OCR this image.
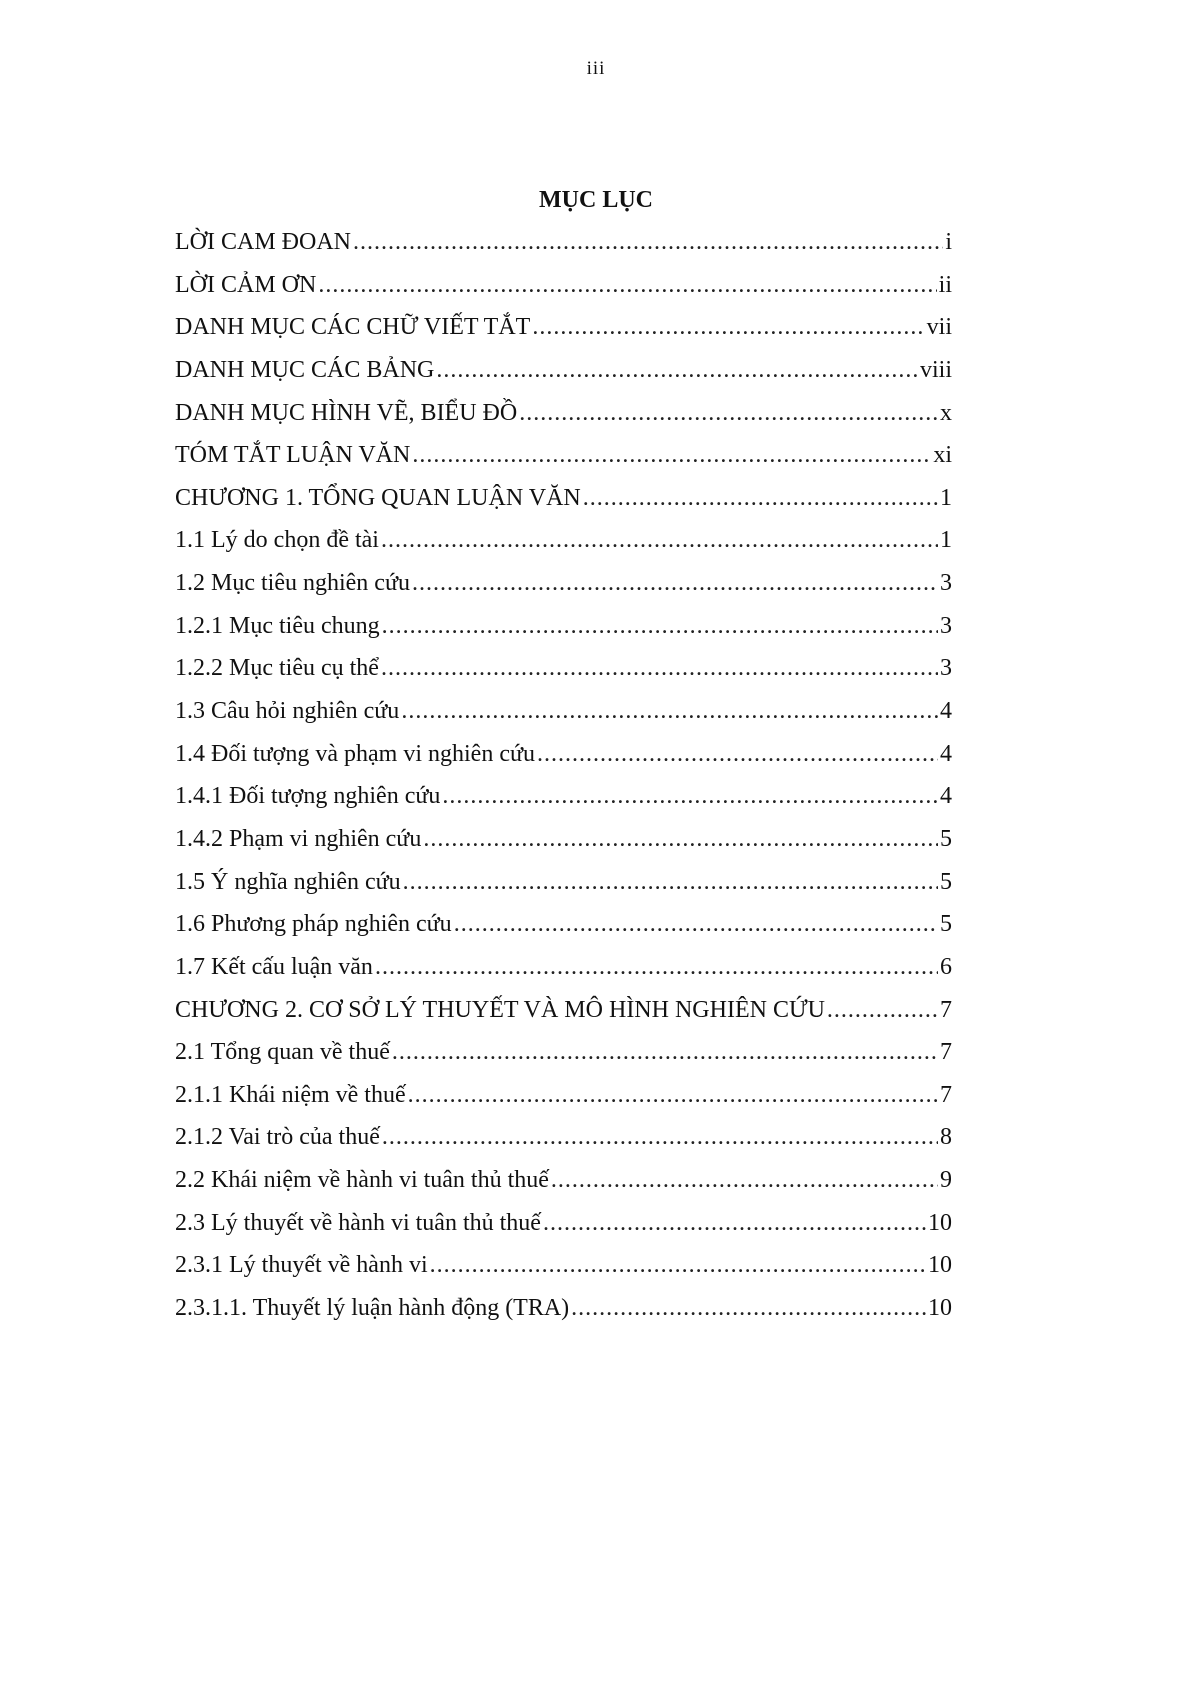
iii
MỤC LỤC
LỜI CAM ĐOAN .....	i
LỜI CẢM ƠN .....	ii
DANH MỤC CÁC CHỮ VIẾT TẮT .....	vii
DANH MỤC CÁC BẢNG .....	viii
DANH MỤC HÌNH VẼ, BIỂU ĐỒ .....	x
TÓM TẮT LUẬN VĂN .....	xi
CHƯƠNG 1. TỔNG QUAN LUẬN VĂN .....	1
1.1 Lý do chọn đề tài .....	1
1.2 Mục tiêu nghiên cứu .....	3
1.2.1 Mục tiêu chung .....	3
1.2.2 Mục tiêu cụ thể .....	3
1.3 Câu hỏi nghiên cứu .....	4
1.4 Đối tượng và phạm vi nghiên cứu .....	4
1.4.1 Đối tượng nghiên cứu .....	4
1.4.2 Phạm vi nghiên cứu .....	5
1.5 Ý nghĩa nghiên cứu .....	5
1.6 Phương pháp nghiên cứu .....	5
1.7 Kết cấu luận văn .....	6
CHƯƠNG 2. CƠ SỞ LÝ THUYẾT VÀ MÔ HÌNH NGHIÊN CỨU .....	7
2.1 Tổng quan về thuế .....	7
2.1.1 Khái niệm về thuế .....	7
2.1.2 Vai trò của thuế .....	8
2.2 Khái niệm về hành vi tuân thủ thuế .....	9
2.3 Lý thuyết về hành vi tuân thủ thuế .....	10
2.3.1 Lý thuyết về hành vi .....	10
2.3.1.1. Thuyết lý luận hành động (TRA) .....	10
